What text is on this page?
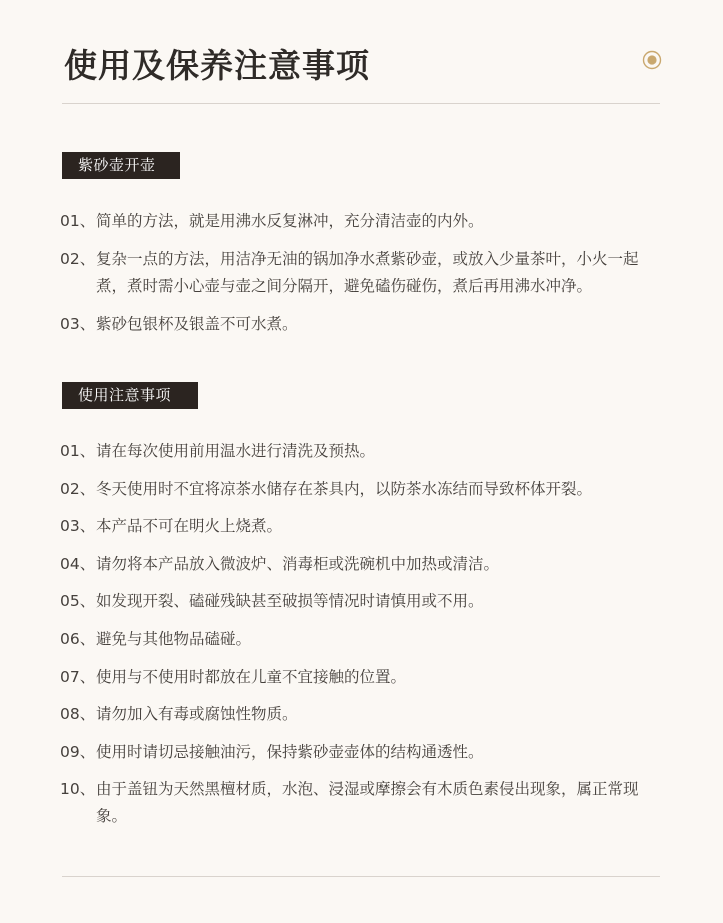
使用及保养注意事项
紫砂壶开壶
01、 简单的方法，就是用沸水反复淋冲，充分清洁壶的内外。
02、 复杂一点的方法，用洁净无油的锅加净水煮紫砂壶，或放入少量茶叶，小火一起煮，煮时需小心壶与壶之间分隔开，避免磕伤碰伤，煮后再用沸水冲净。
03、 紫砂包银杯及银盖不可水煮。
使用注意事项
01、 请在每次使用前用温水进行清洗及预热。
02、 冬天使用时不宜将凉茶水储存在茶具内，以防茶水冻结而导致杯体开裂。
03、 本产品不可在明火上烧煮。
04、 请勿将本产品放入微波炉、消毒柜或洗碗机中加热或清洁。
05、 如发现开裂、磕碰残缺甚至破损等情况时请慎用或不用。
06、 避免与其他物品磕碰。
07、 使用与不使用时都放在儿童不宜接触的位置。
08、 请勿加入有毒或腐蚀性物质。
09、 使用时请切忌接触油污，保持紫砂壶壶体的结构通透性。
10、 由于盖钮为天然黑檀材质，水泡、浸湿或摩擦会有木质色素侵出现象，属正常现象。
